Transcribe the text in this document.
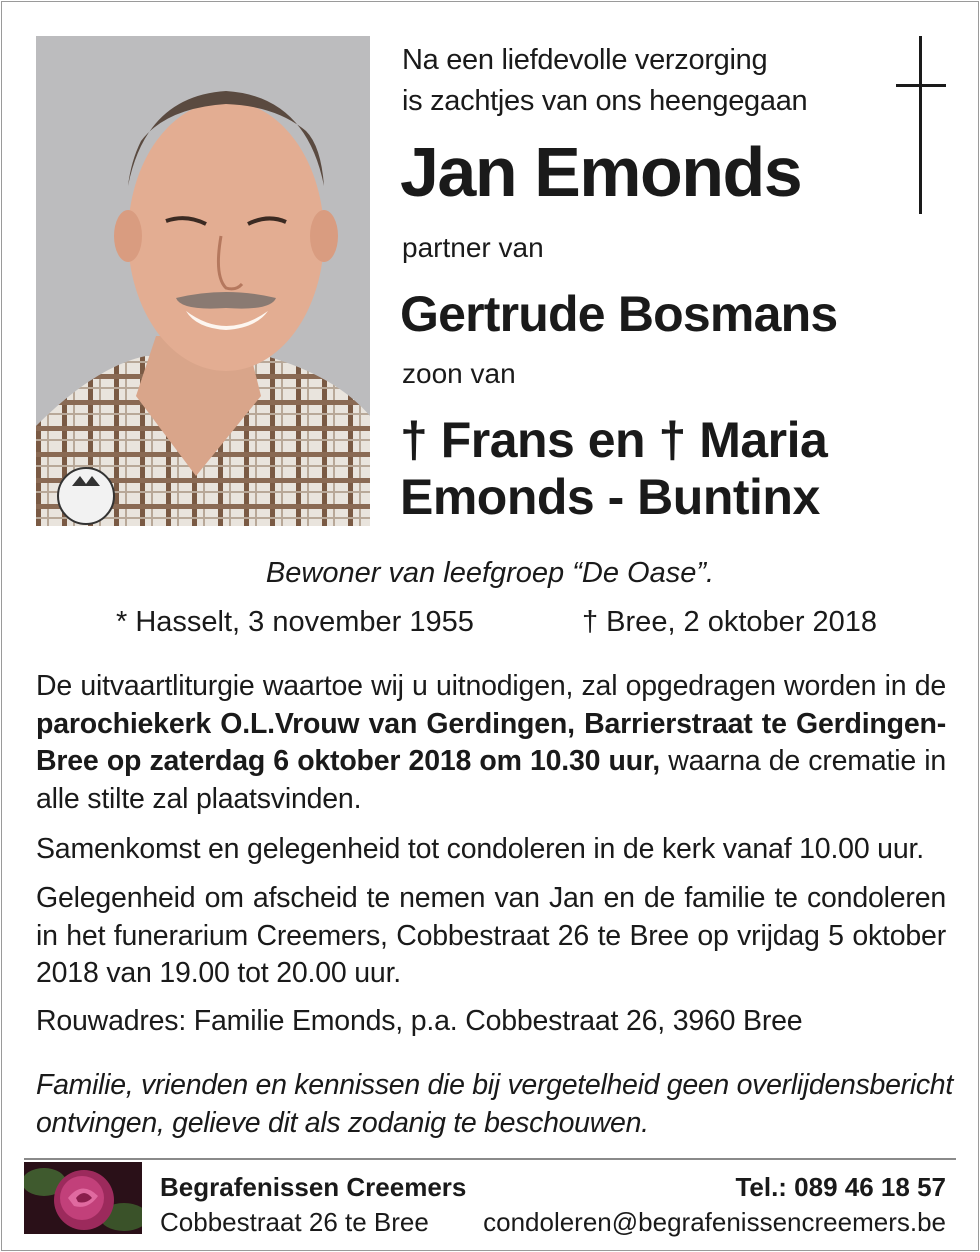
Na een liefdevolle verzorging
is zachtjes van ons heengegaan
Jan Emonds
partner van
Gertrude Bosmans
zoon van
† Frans en † Maria
Emonds - Buntinx
Bewoner van leefgroep “De Oase”.
* Hasselt, 3 november 1955	† Bree, 2 oktober 2018
De uitvaartliturgie waartoe wij u uitnodigen, zal opgedragen worden in de parochiekerk O.L.Vrouw van Gerdingen, Barrierstraat te Gerdingen-Bree op zaterdag 6 oktober 2018 om 10.30 uur, waarna de crematie in alle stilte zal plaatsvinden.
Samenkomst en gelegenheid tot condoleren in de kerk vanaf 10.00 uur.
Gelegenheid om afscheid te nemen van Jan en de familie te condoleren in het funerarium Creemers, Cobbestraat 26 te Bree op vrijdag 5 oktober 2018 van 19.00 tot 20.00 uur.
Rouwadres: Familie Emonds, p.a. Cobbestraat 26, 3960 Bree
Familie, vrienden en kennissen die bij vergetelheid geen overlijdensbericht ontvingen, gelieve dit als zodanig te beschouwen.
Begrafenissen Creemers
Cobbestraat 26 te Bree
Tel.: 089 46 18 57
condoleren@begrafenissencreemers.be
